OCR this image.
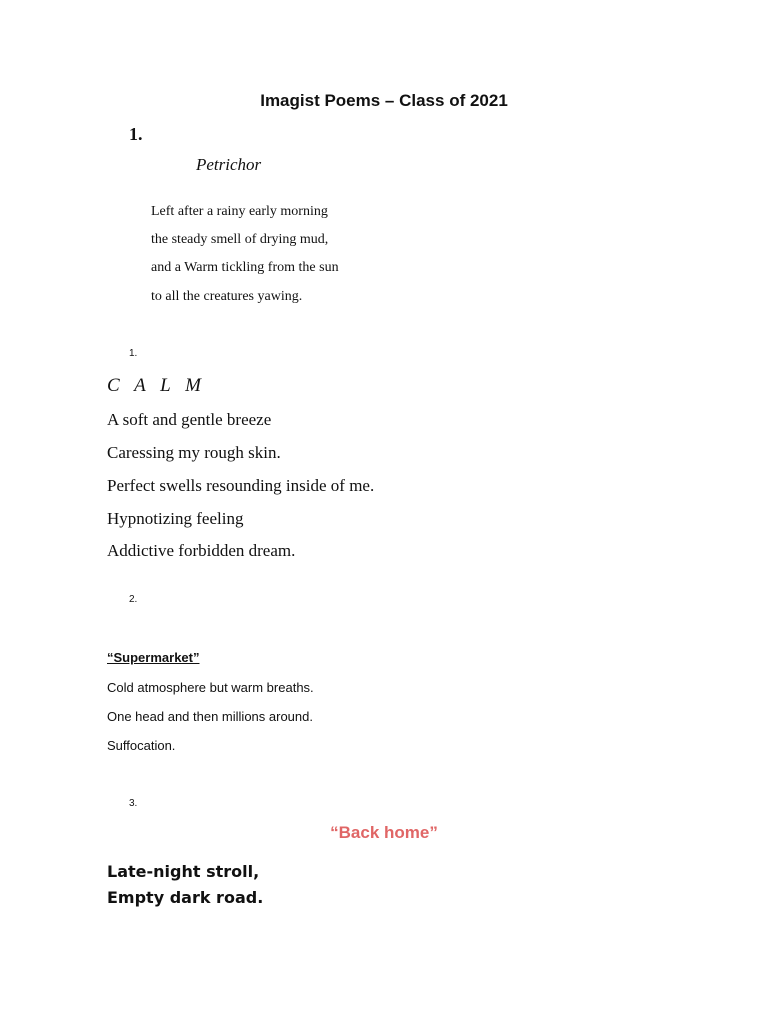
Imagist Poems – Class of 2021
1.
Petrichor
Left after a rainy early morning
the steady smell of drying mud,
and a Warm tickling from the sun
to all the creatures yawing.
1.
C A L M
A soft and gentle breeze
Caressing my rough skin.
Perfect swells resounding inside of me.
Hypnotizing feeling
Addictive forbidden dream.
2.
“Supermarket”
Cold atmosphere but warm breaths.
One head and then millions around.
Suffocation.
3.
“Back home”
Late-night stroll,
Empty dark road.
